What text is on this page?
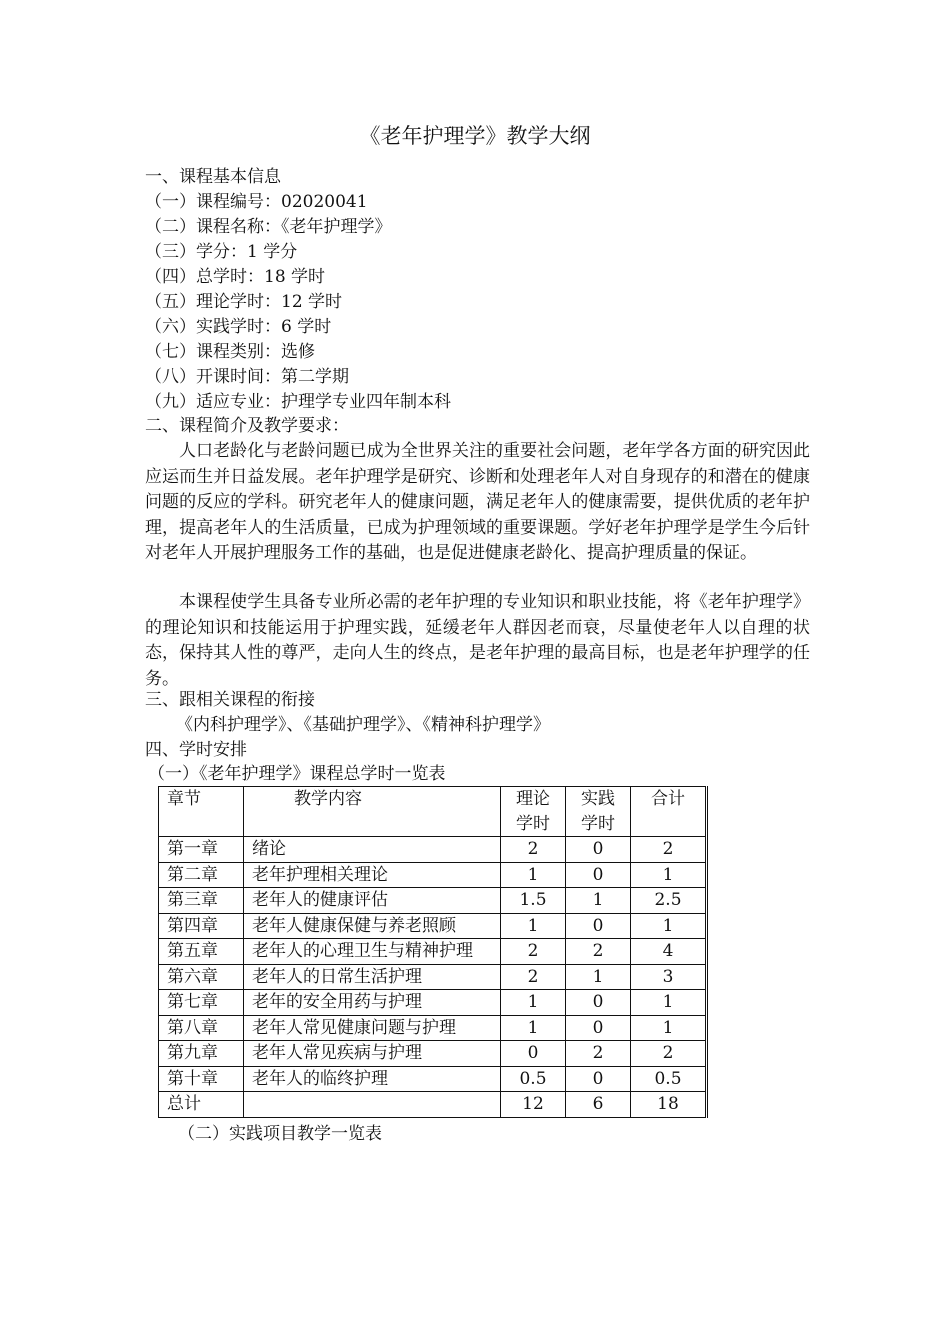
《老年护理学》教学大纲
一、课程基本信息
（一）课程编号：02020041
（二）课程名称：《老年护理学》
（三）学分：1 学分
（四）总学时：18 学时
（五）理论学时：12 学时
（六）实践学时：6 学时
（七）课程类别：选修
（八）开课时间：第二学期
（九）适应专业：护理学专业四年制本科
二、课程简介及教学要求：
人口老龄化与老龄问题已成为全世界关注的重要社会问题，老年学各方面的研究因此应运而生并日益发展。老年护理学是研究、诊断和处理老年人对自身现存的和潜在的健康问题的反应的学科。研究老年人的健康问题，满足老年人的健康需要，提供优质的老年护理，提高老年人的生活质量，已成为护理领域的重要课题。学好老年护理学是学生今后针对老年人开展护理服务工作的基础，也是促进健康老龄化、提高护理质量的保证。
本课程使学生具备专业所必需的老年护理的专业知识和职业技能，将《老年护理学》的理论知识和技能运用于护理实践，延缓老年人群因老而衰，尽量使老年人以自理的状态，保持其人性的尊严，走向人生的终点，是老年护理的最高目标，也是老年护理学的任务。
三、跟相关课程的衔接
《内科护理学》、《基础护理学》、《精神科护理学》
四、学时安排
（一）《老年护理学》课程总学时一览表
章节	教学内容	理论学时	实践学时	合计
第一章	绪论	2	0	2
第二章	老年护理相关理论	1	0	1
第三章	老年人的健康评估	1.5	1	2.5
第四章	老年人健康保健与养老照顾	1	0	1
第五章	老年人的心理卫生与精神护理	2	2	4
第六章	老年人的日常生活护理	2	1	3
第七章	老年的安全用药与护理	1	0	1
第八章	老年人常见健康问题与护理	1	0	1
第九章	老年人常见疾病与护理	0	2	2
第十章	老年人的临终护理	0.5	0	0.5
总计		12	6	18
（二）实践项目教学一览表
